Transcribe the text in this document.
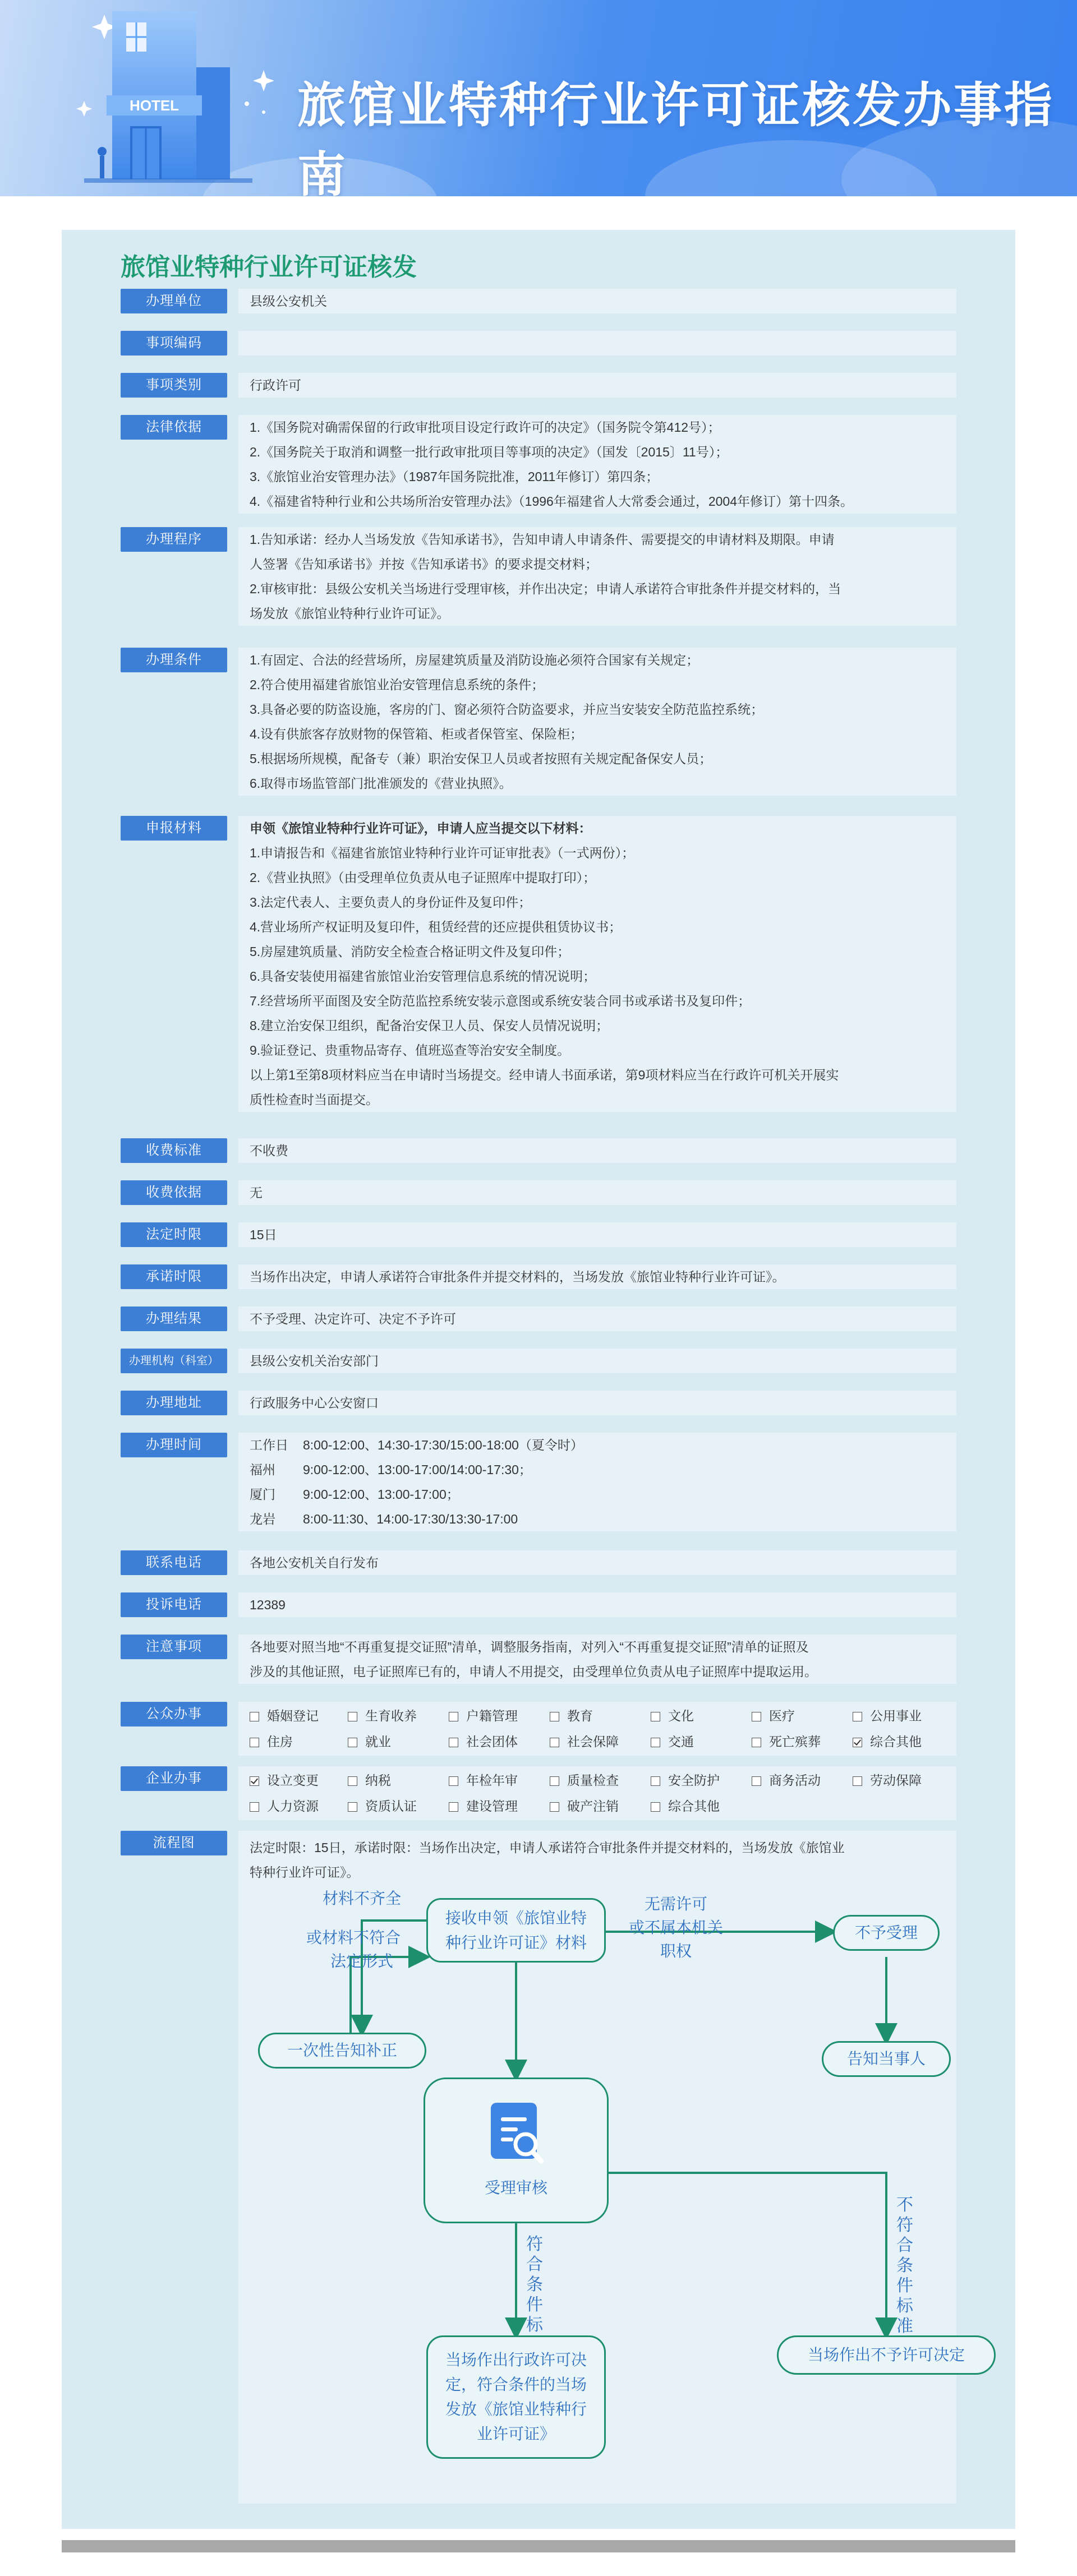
HOTEL 旅馆业特种行业许可证核发办事指南
旅馆业特种行业许可证核发
办理单位	县级公安机关
事项编码
事项类别	行政许可
法律依据	1.《国务院对确需保留的行政审批项目设定行政许可的决定》（国务院令第412号）；
2.《国务院关于取消和调整一批行政审批项目等事项的决定》（国发〔2015〕11号）；
3.《旅馆业治安管理办法》（1987年国务院批准，2011年修订）第四条；
4.《福建省特种行业和公共场所治安管理办法》（1996年福建省人大常委会通过，2004年修订）第十四条。
办理程序	1.告知承诺：经办人当场发放《告知承诺书》，告知申请人申请条件、需要提交的申请材料及期限。申请
人签署《告知承诺书》并按《告知承诺书》的要求提交材料；
2.审核审批：县级公安机关当场进行受理审核，并作出决定；申请人承诺符合审批条件并提交材料的，当
场发放《旅馆业特种行业许可证》。
办理条件	1.有固定、合法的经营场所，房屋建筑质量及消防设施必须符合国家有关规定；
2.符合使用福建省旅馆业治安管理信息系统的条件；
3.具备必要的防盗设施，客房的门、窗必须符合防盗要求，并应当安装安全防范监控系统；
4.设有供旅客存放财物的保管箱、柜或者保管室、保险柜；
5.根据场所规模，配备专（兼）职治安保卫人员或者按照有关规定配备保安人员；
6.取得市场监管部门批准颁发的《营业执照》。
申报材料	申领《旅馆业特种行业许可证》，申请人应当提交以下材料：
1.申请报告和《福建省旅馆业特种行业许可证审批表》（一式两份）；
2.《营业执照》（由受理单位负责从电子证照库中提取打印）；
3.法定代表人、主要负责人的身份证件及复印件；
4.营业场所产权证明及复印件，租赁经营的还应提供租赁协议书；
5.房屋建筑质量、消防安全检查合格证明文件及复印件；
6.具备安装使用福建省旅馆业治安管理信息系统的情况说明；
7.经营场所平面图及安全防范监控系统安装示意图或系统安装合同书或承诺书及复印件；
8.建立治安保卫组织，配备治安保卫人员、保安人员情况说明；
9.验证登记、贵重物品寄存、值班巡查等治安安全制度。
以上第1至第8项材料应当在申请时当场提交。经申请人书面承诺，第9项材料应当在行政许可机关开展实
质性检查时当面提交。
收费标准	不收费
收费依据	无
法定时限	15日
承诺时限	当场作出决定，申请人承诺符合审批条件并提交材料的，当场发放《旅馆业特种行业许可证》。
办理结果	不予受理、决定许可、决定不予许可
办理机构（科室）	县级公安机关治安部门
办理地址	行政服务中心公安窗口
办理时间	工作日 8:00-12:00、14:30-17:30/15:00-18:00（夏令时）
福州 9:00-12:00、13:00-17:00/14:00-17:30；
厦门 9:00-12:00、13:00-17:00；
龙岩 8:00-11:30、14:00-17:30/13:30-17:00
联系电话	各地公安机关自行发布
投诉电话	12389
注意事项	各地要对照当地“不再重复提交证照”清单，调整服务指南，对列入“不再重复提交证照”清单的证照及
涉及的其他证照，电子证照库已有的，申请人不用提交，由受理单位负责从电子证照库中提取运用。
公众办事	婚姻登记	生育收养	户籍管理	教育	文化	医疗	公用事业
住房	就业	社会团体	社会保障	交通	死亡殡葬	综合其他
企业办事	设立变更	纳税	年检年审	质量检查	安全防护	商务活动	劳动保障
人力资源	资质认证	建设管理	破产注销	综合其他
流程图	法定时限：15日，承诺时限：当场作出决定，申请人承诺符合审批条件并提交材料的，当场发放《旅馆业
特种行业许可证》。
接收申领《旅馆业特
种行业许可证》材料
材料不齐全
或材料不符合
法定形式
一次性告知补正
无需许可
或不属本机关
职权
不予受理
告知当事人
受理审核
符合条件标
不符合条件标准
当场作出行政许可决
定，符合条件的当场
发放《旅馆业特种行
业许可证》
当场作出不予许可决定
